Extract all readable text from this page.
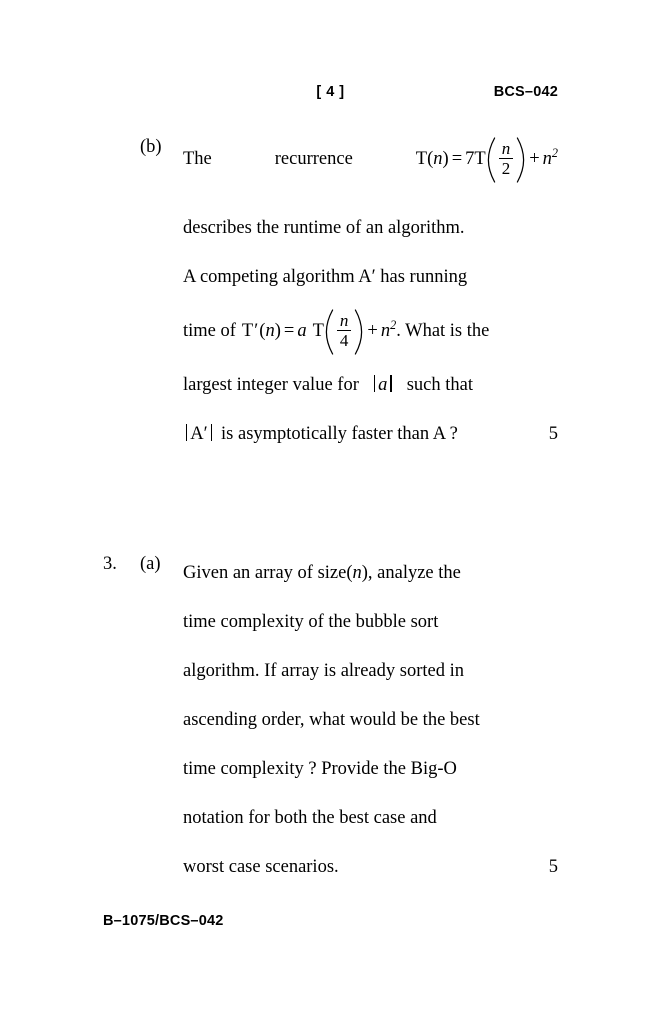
[ 4 ]	BCS–042
(b)
The	recurrence	$T(n) = 7T \frac{n}{2} + n^2$
describes the runtime of an algorithm.
A competing algorithm A′ has running
time of T′(n) = a T $\frac{n}{4} + n^2$ . What is the
largest integer value for	a	such that
A′ is asymptotically faster than A ?	5
3.	(a)	Given an array of size( n ), analyze the
time complexity of the bubble sort
algorithm. If array is already sorted in
ascending order, what would be the best
time complexity ? Provide the Big-O
notation for both the best case and
worst case scenarios.	5
B–1075/BCS–042
